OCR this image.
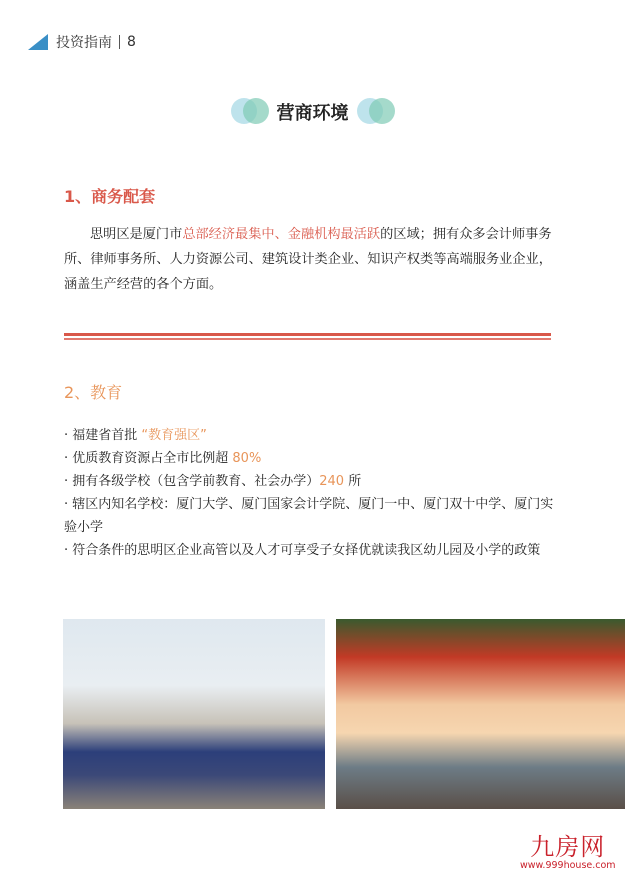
投资指南 8
营商环境
1、商务配套
思明区是厦门市总部经济最集中、金融机构最活跃的区域；拥有众多会计师事务所、律师事务所、人力资源公司、建筑设计类企业、知识产权类等高端服务业企业，涵盖生产经营的各个方面。
2、教育
· 福建省首批 “教育强区”
· 优质教育资源占全市比例超 80%
· 拥有各级学校（包含学前教育、社会办学）240 所
· 辖区内知名学校：厦门大学、厦门国家会计学院、厦门一中、厦门双十中学、厦门实验小学
· 符合条件的思明区企业高管以及人才可享受子女择优就读我区幼儿园及小学的政策
九房网
www.999house.com
